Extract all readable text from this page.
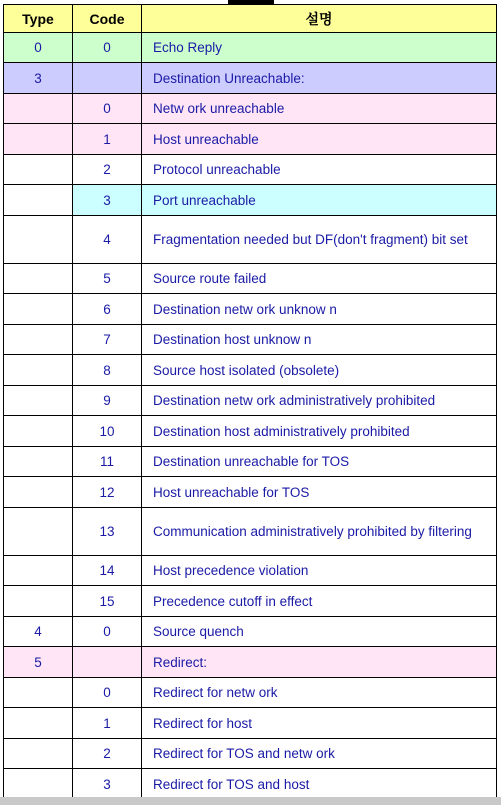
Type	Code	설명
0	0	Echo Reply
3		Destination Unreachable:
	0	Netw ork unreachable
	1	Host unreachable
	2	Protocol unreachable
	3	Port unreachable
	4	Fragmentation needed but DF(don't fragment) bit set
	5	Source route failed
	6	Destination netw ork unknow n
	7	Destination host unknow n
	8	Source host isolated (obsolete)
	9	Destination netw ork administratively prohibited
	10	Destination host administratively prohibited
	11	Destination unreachable for TOS
	12	Host unreachable for TOS
	13	Communication administratively prohibited by filtering
	14	Host precedence violation
	15	Precedence cutoff in effect
4	0	Source quench
5		Redirect:
	0	Redirect for netw ork
	1	Redirect for host
	2	Redirect for TOS and netw ork
	3	Redirect for TOS and host
